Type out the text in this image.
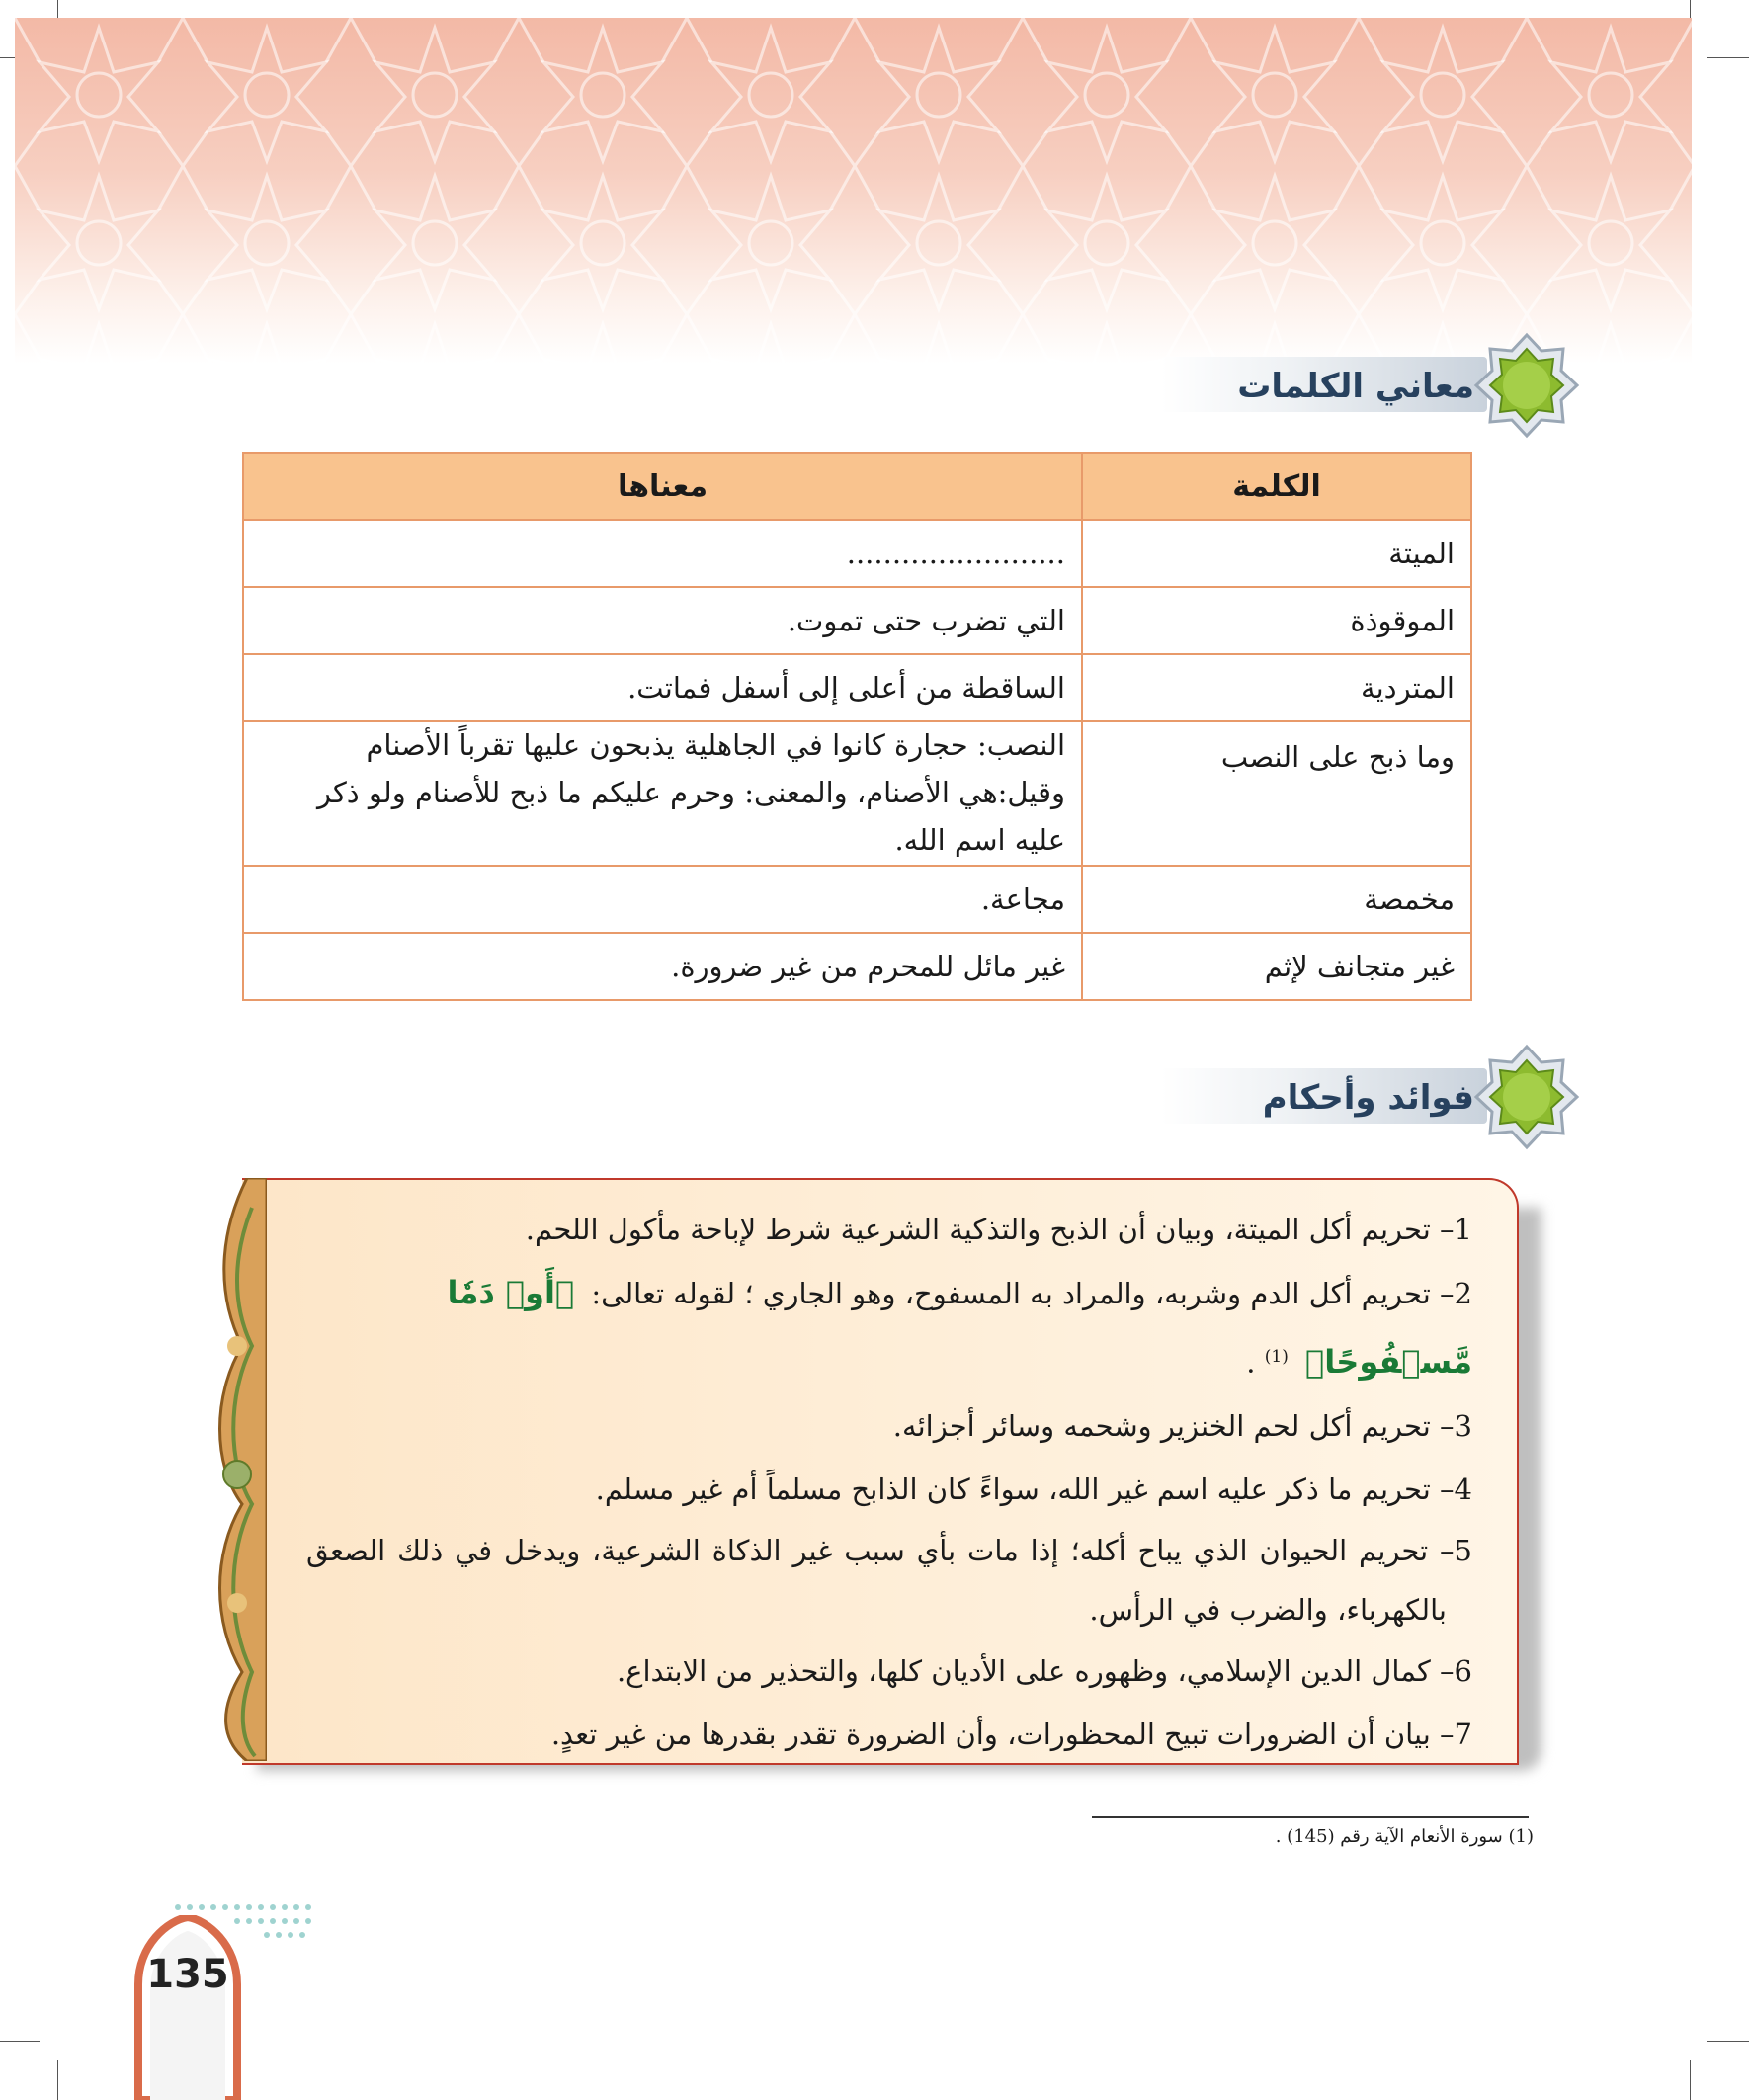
معاني الكلمات
الكلمة	معناها
الميتة	........................
الموقوذة	التي تضرب حتى تموت.
المتردية	الساقطة من أعلى إلى أسفل فماتت.
وما ذبح على النصب	النصب: حجارة كانوا في الجاهلية يذبحون عليها تقرباً الأصنام وقيل:هي الأصنام، والمعنى: وحرم عليكم ما ذبح للأصنام ولو ذكر عليه اسم الله.
مخمصة	مجاعة.
غير متجانف لإثم	غير مائل للمحرم من غير ضرورة.
فوائد وأحكام
1– تحريم أكل الميتة، وبيان أن الذبح والتذكية الشرعية شرط لإباحة مأكول اللحم.
2– تحريم أكل الدم وشربه، والمراد به المسفوح، وهو الجاري ؛ لقوله تعالى: ﴿أَوۡ دَمٗا مَّسۡفُوحًا﴾ $^{(1)}$ .
3– تحريم أكل لحم الخنزير وشحمه وسائر أجزائه.
4– تحريم ما ذكر عليه اسم غير الله، سواءً كان الذابح مسلماً أم غير مسلم.
5– تحريم الحيوان الذي يباح أكله؛ إذا مات بأي سبب غير الذكاة الشرعية، ويدخل في ذلك الصعق بالكهرباء، والضرب في الرأس.
6– كمال الدين الإسلامي، وظهوره على الأديان كلها، والتحذير من الابتداع.
7– بيان أن الضرورات تبيح المحظورات، وأن الضرورة تقدر بقدرها من غير تعدٍ.
(1) سورة الأنعام الآية رقم (145) .
135
